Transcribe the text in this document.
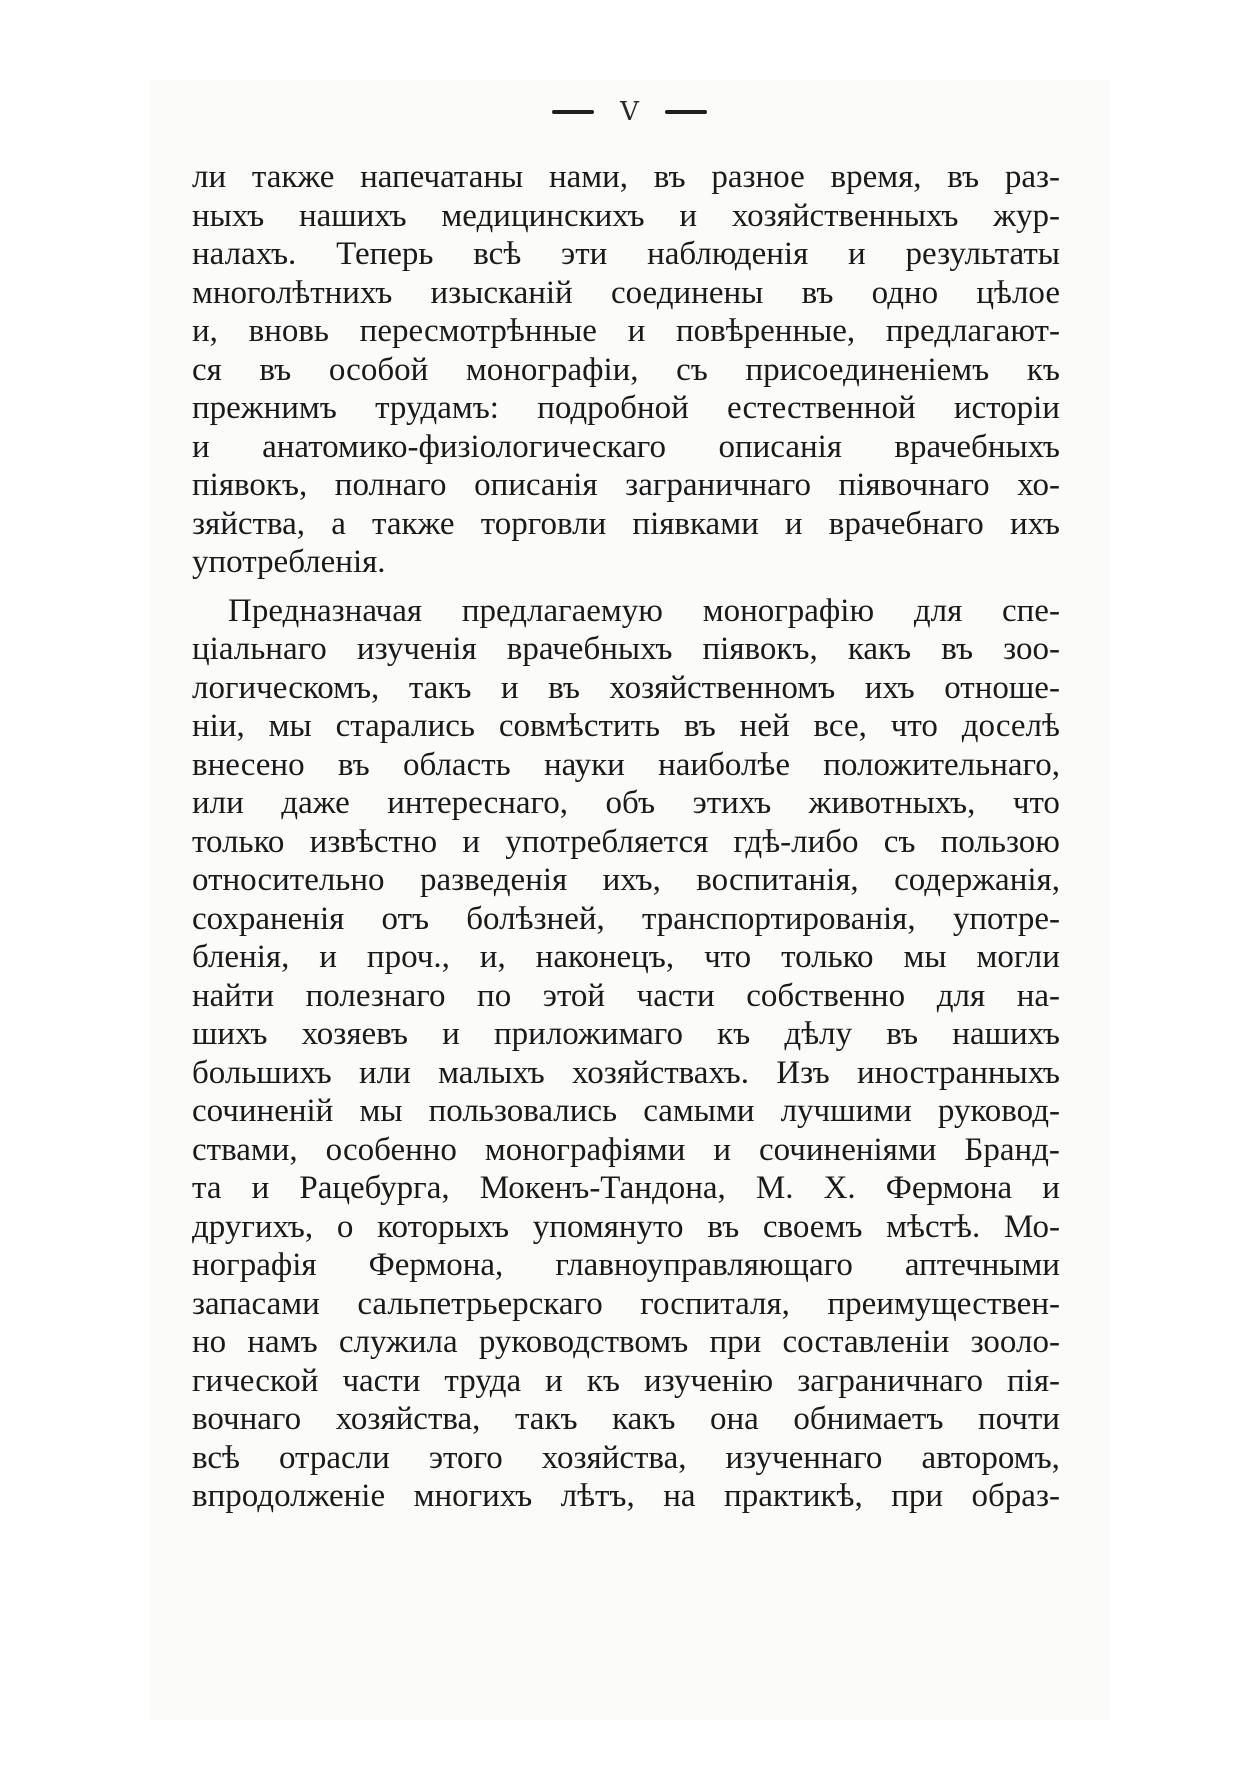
V
ли также напечатаны нами, въ разное время, въ раз-
ныхъ нашихъ медицинскихъ и хозяйственныхъ жур-
налахъ. Теперь всѣ эти наблюденія и результаты
многолѣтнихъ изысканій соединены въ одно цѣлое
и, вновь пересмотрѣнные и повѣренные, предлагают-
ся въ особой монографіи, съ присоединеніемъ къ
прежнимъ трудамъ: подробной естественной исторіи
и анатомико-физіологическаго описанія врачебныхъ
піявокъ, полнаго описанія заграничнаго піявочнаго хо-
зяйства, а также торговли піявками и врачебнаго ихъ
употребленія.
Предназначая предлагаемую монографію для спе-
ціальнаго изученія врачебныхъ піявокъ, какъ въ зоо-
логическомъ, такъ и въ хозяйственномъ ихъ отноше-
ніи, мы старались совмѣстить въ ней все, что доселѣ
внесено въ область науки наиболѣе положительнаго,
или даже интереснаго, объ этихъ животныхъ, что
только извѣстно и употребляется гдѣ-либо съ пользою
относительно разведенія ихъ, воспитанія, содержанія,
сохраненія отъ болѣзней, транспортированія, употре-
бленія, и проч., и, наконецъ, что только мы могли
найти полезнаго по этой части собственно для на-
шихъ хозяевъ и приложимаго къ дѣлу въ нашихъ
большихъ или малыхъ хозяйствахъ. Изъ иностранныхъ
сочиненій мы пользовались самыми лучшими руковод-
ствами, особенно монографіями и сочиненіями Бранд-
та и Рацебурга, Мокенъ-Тандона, М. Х. Фермона и
другихъ, о которыхъ упомянуто въ своемъ мѣстѣ. Мо-
нографія Фермона, главноуправляющаго аптечными
запасами сальпетрьерскаго госпиталя, преимуществен-
но намъ служила руководствомъ при составленіи зооло-
гической части труда и къ изученію заграничнаго пія-
вочнаго хозяйства, такъ какъ она обнимаетъ почти
всѣ отрасли этого хозяйства, изученнаго авторомъ,
впродолженіе многихъ лѣтъ, на практикѣ, при образ-
